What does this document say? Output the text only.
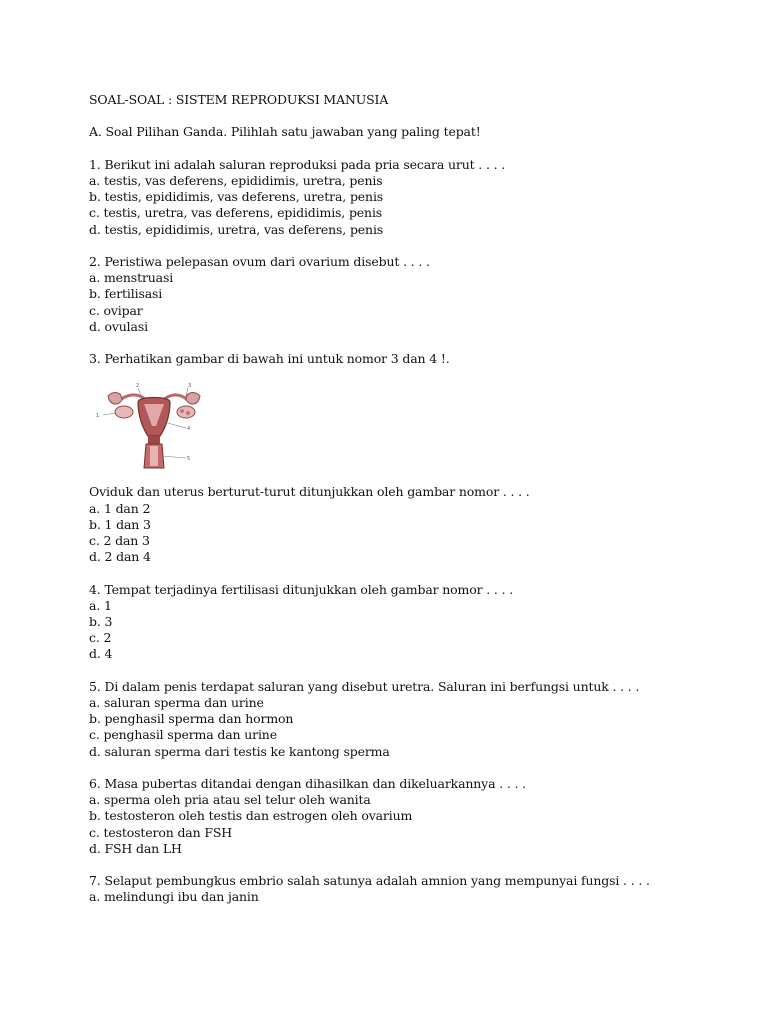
SOAL-SOAL : SISTEM REPRODUKSI MANUSIA
A. Soal Pilihan Ganda. Pilihlah satu jawaban yang paling tepat!
1. Berikut ini adalah saluran reproduksi pada pria secara urut . . . .
a. testis, vas deferens, epididimis, uretra, penis
b. testis, epididimis, vas deferens, uretra, penis
c. testis, uretra, vas deferens, epididimis, penis
d. testis, epididimis, uretra, vas deferens, penis
2. Peristiwa pelepasan ovum dari ovarium disebut . . . .
a. menstruasi
b. fertilisasi
c. ovipar
d. ovulasi
3. Perhatikan gambar di bawah ini untuk nomor 3 dan 4 !.
1
2	3
4
5
Oviduk dan uterus berturut-turut ditunjukkan oleh gambar nomor . . . .
a. 1 dan 2
b. 1 dan 3
c. 2 dan 3
d. 2 dan 4
4. Tempat terjadinya fertilisasi ditunjukkan oleh gambar nomor . . . .
a. 1
b. 3
c. 2
d. 4
5. Di dalam penis terdapat saluran yang disebut uretra. Saluran ini berfungsi untuk . . . .
a. saluran sperma dan urine
b. penghasil sperma dan hormon
c. penghasil sperma dan urine
d. saluran sperma dari testis ke kantong sperma
6. Masa pubertas ditandai dengan dihasilkan dan dikeluarkannya . . . .
a. sperma oleh pria atau sel telur oleh wanita
b. testosteron oleh testis dan estrogen oleh ovarium
c. testosteron dan FSH
d. FSH dan LH
7. Selaput pembungkus embrio salah satunya adalah amnion yang mempunyai fungsi . . . .
a. melindungi ibu dan janin
